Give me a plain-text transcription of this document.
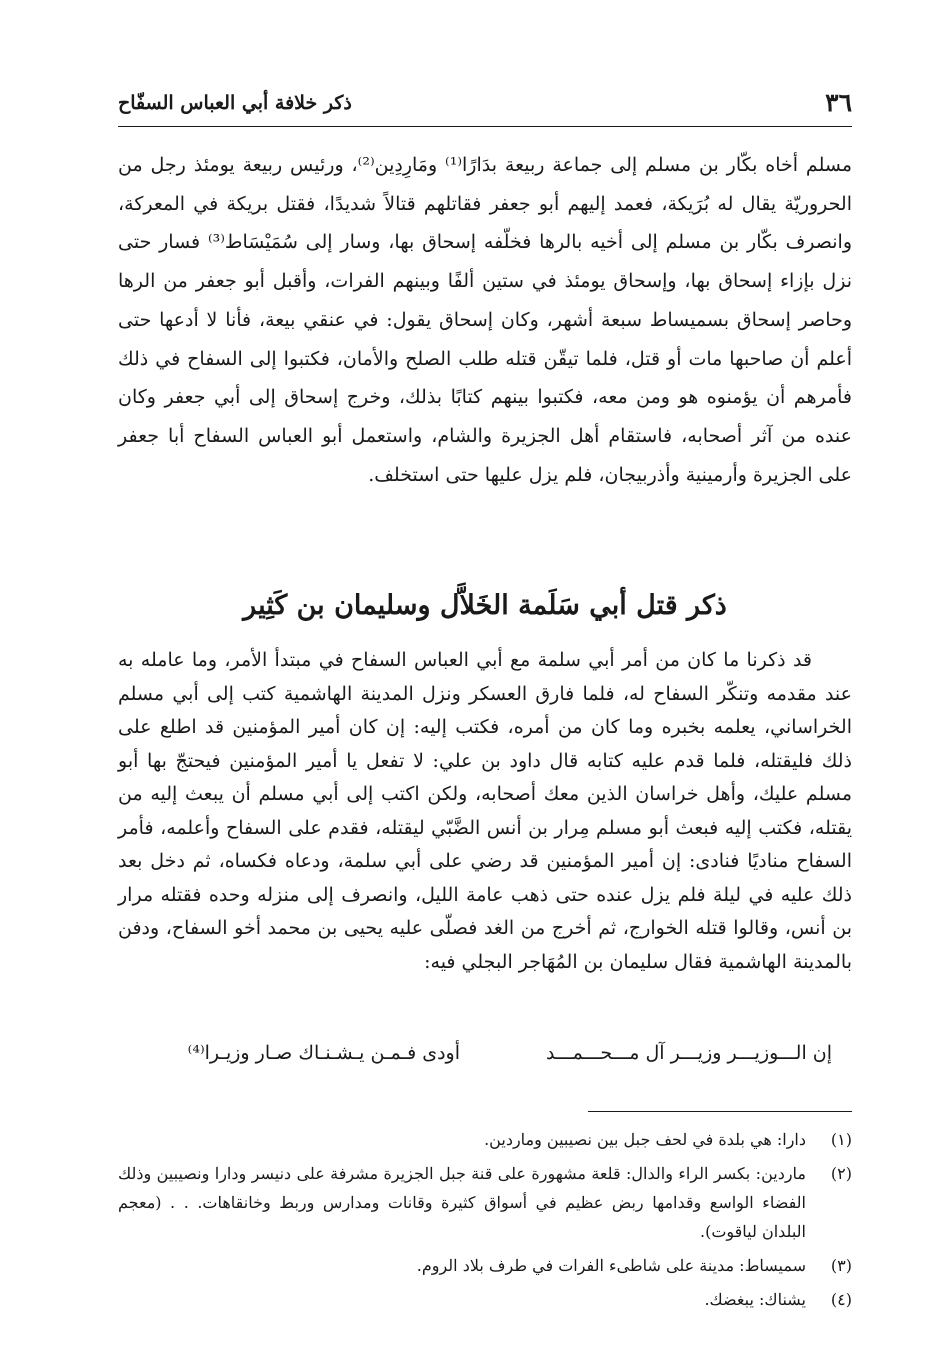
٣٦
ذكر خلافة أبي العباس السفّاح

مسلم أخاه بكّار بن مسلم إلى جماعة ربيعة بدَارًا⁽¹⁾ ومَارِدِين⁽²⁾، ورئيس ربيعة يومئذ رجل من الحروريّة يقال له بُرَيكة، فعمد إليهم أبو جعفر فقاتلهم قتالاً شديدًا، فقتل بريكة في المعركة، وانصرف بكّار بن مسلم إلى أخيه بالرها فخلّفه إسحاق بها، وسار إلى سُمَيْسَاط⁽³⁾ فسار حتى نزل بإزاء إسحاق بها، وإسحاق يومئذ في ستين ألفًا وبينهم الفرات، وأقبل أبو جعفر من الرها وحاصر إسحاق بسميساط سبعة أشهر، وكان إسحاق يقول: في عنقي بيعة، فأنا لا أدعها حتى أعلم أن صاحبها مات أو قتل، فلما تيقّن قتله طلب الصلح والأمان، فكتبوا إلى السفاح في ذلك فأمرهم أن يؤمنوه هو ومن معه، فكتبوا بينهم كتابًا بذلك، وخرج إسحاق إلى أبي جعفر وكان عنده من آثر أصحابه، فاستقام أهل الجزيرة والشام، واستعمل أبو العباس السفاح أبا جعفر على الجزيرة وأرمينية وأذربيجان، فلم يزل عليها حتى استخلف.

ذكر قتل أبي سَلَمة الخَلاَّل وسليمان بن كَثِير

قد ذكرنا ما كان من أمر أبي سلمة مع أبي العباس السفاح في مبتدأ الأمر، وما عامله به عند مقدمه وتنكّر السفاح له، فلما فارق العسكر ونزل المدينة الهاشمية كتب إلى أبي مسلم الخراساني، يعلمه بخبره وما كان من أمره، فكتب إليه: إن كان أمير المؤمنين قد اطلع على ذلك فليقتله، فلما قدم عليه كتابه قال داود بن علي: لا تفعل يا أمير المؤمنين فيحتجّ بها أبو مسلم عليك، وأهل خراسان الذين معك أصحابه، ولكن اكتب إلى أبي مسلم أن يبعث إليه من يقتله، فكتب إليه فبعث أبو مسلم مِرار بن أنس الضَّبّي ليقتله، فقدم على السفاح وأعلمه، فأمر السفاح مناديًا فنادى: إن أمير المؤمنين قد رضي على أبي سلمة، ودعاه فكساه، ثم دخل بعد ذلك عليه في ليلة فلم يزل عنده حتى ذهب عامة الليل، وانصرف إلى منزله وحده فقتله مرار بن أنس، وقالوا قتله الخوارج، ثم أخرج من الغد فصلّى عليه يحيى بن محمد أخو السفاح، ودفن بالمدينة الهاشمية فقال سليمان بن المُهَاجر البجلي فيه:

إن الـــوزيـــر وزيـــر آل مـــحـــمـــد
أودى فـمـن يـشـنـاك صـار وزيـرا⁽⁴⁾
(١)
دارا: هي بلدة في لحف جبل بين نصيبين وماردين.
(٢)
ماردين: بكسر الراء والدال: قلعة مشهورة على قنة جبل الجزيرة مشرفة على دنيسر ودارا ونصيبين وذلك الفضاء الواسع وقدامها ربض عظيم في أسواق كثيرة وقانات ومدارس وربط وخانقاهات. . . (معجم البلدان لياقوت).
(٣)
سميساط: مدينة على شاطىء الفرات في طرف بلاد الروم.
(٤)
يشناك: يبغضك.
